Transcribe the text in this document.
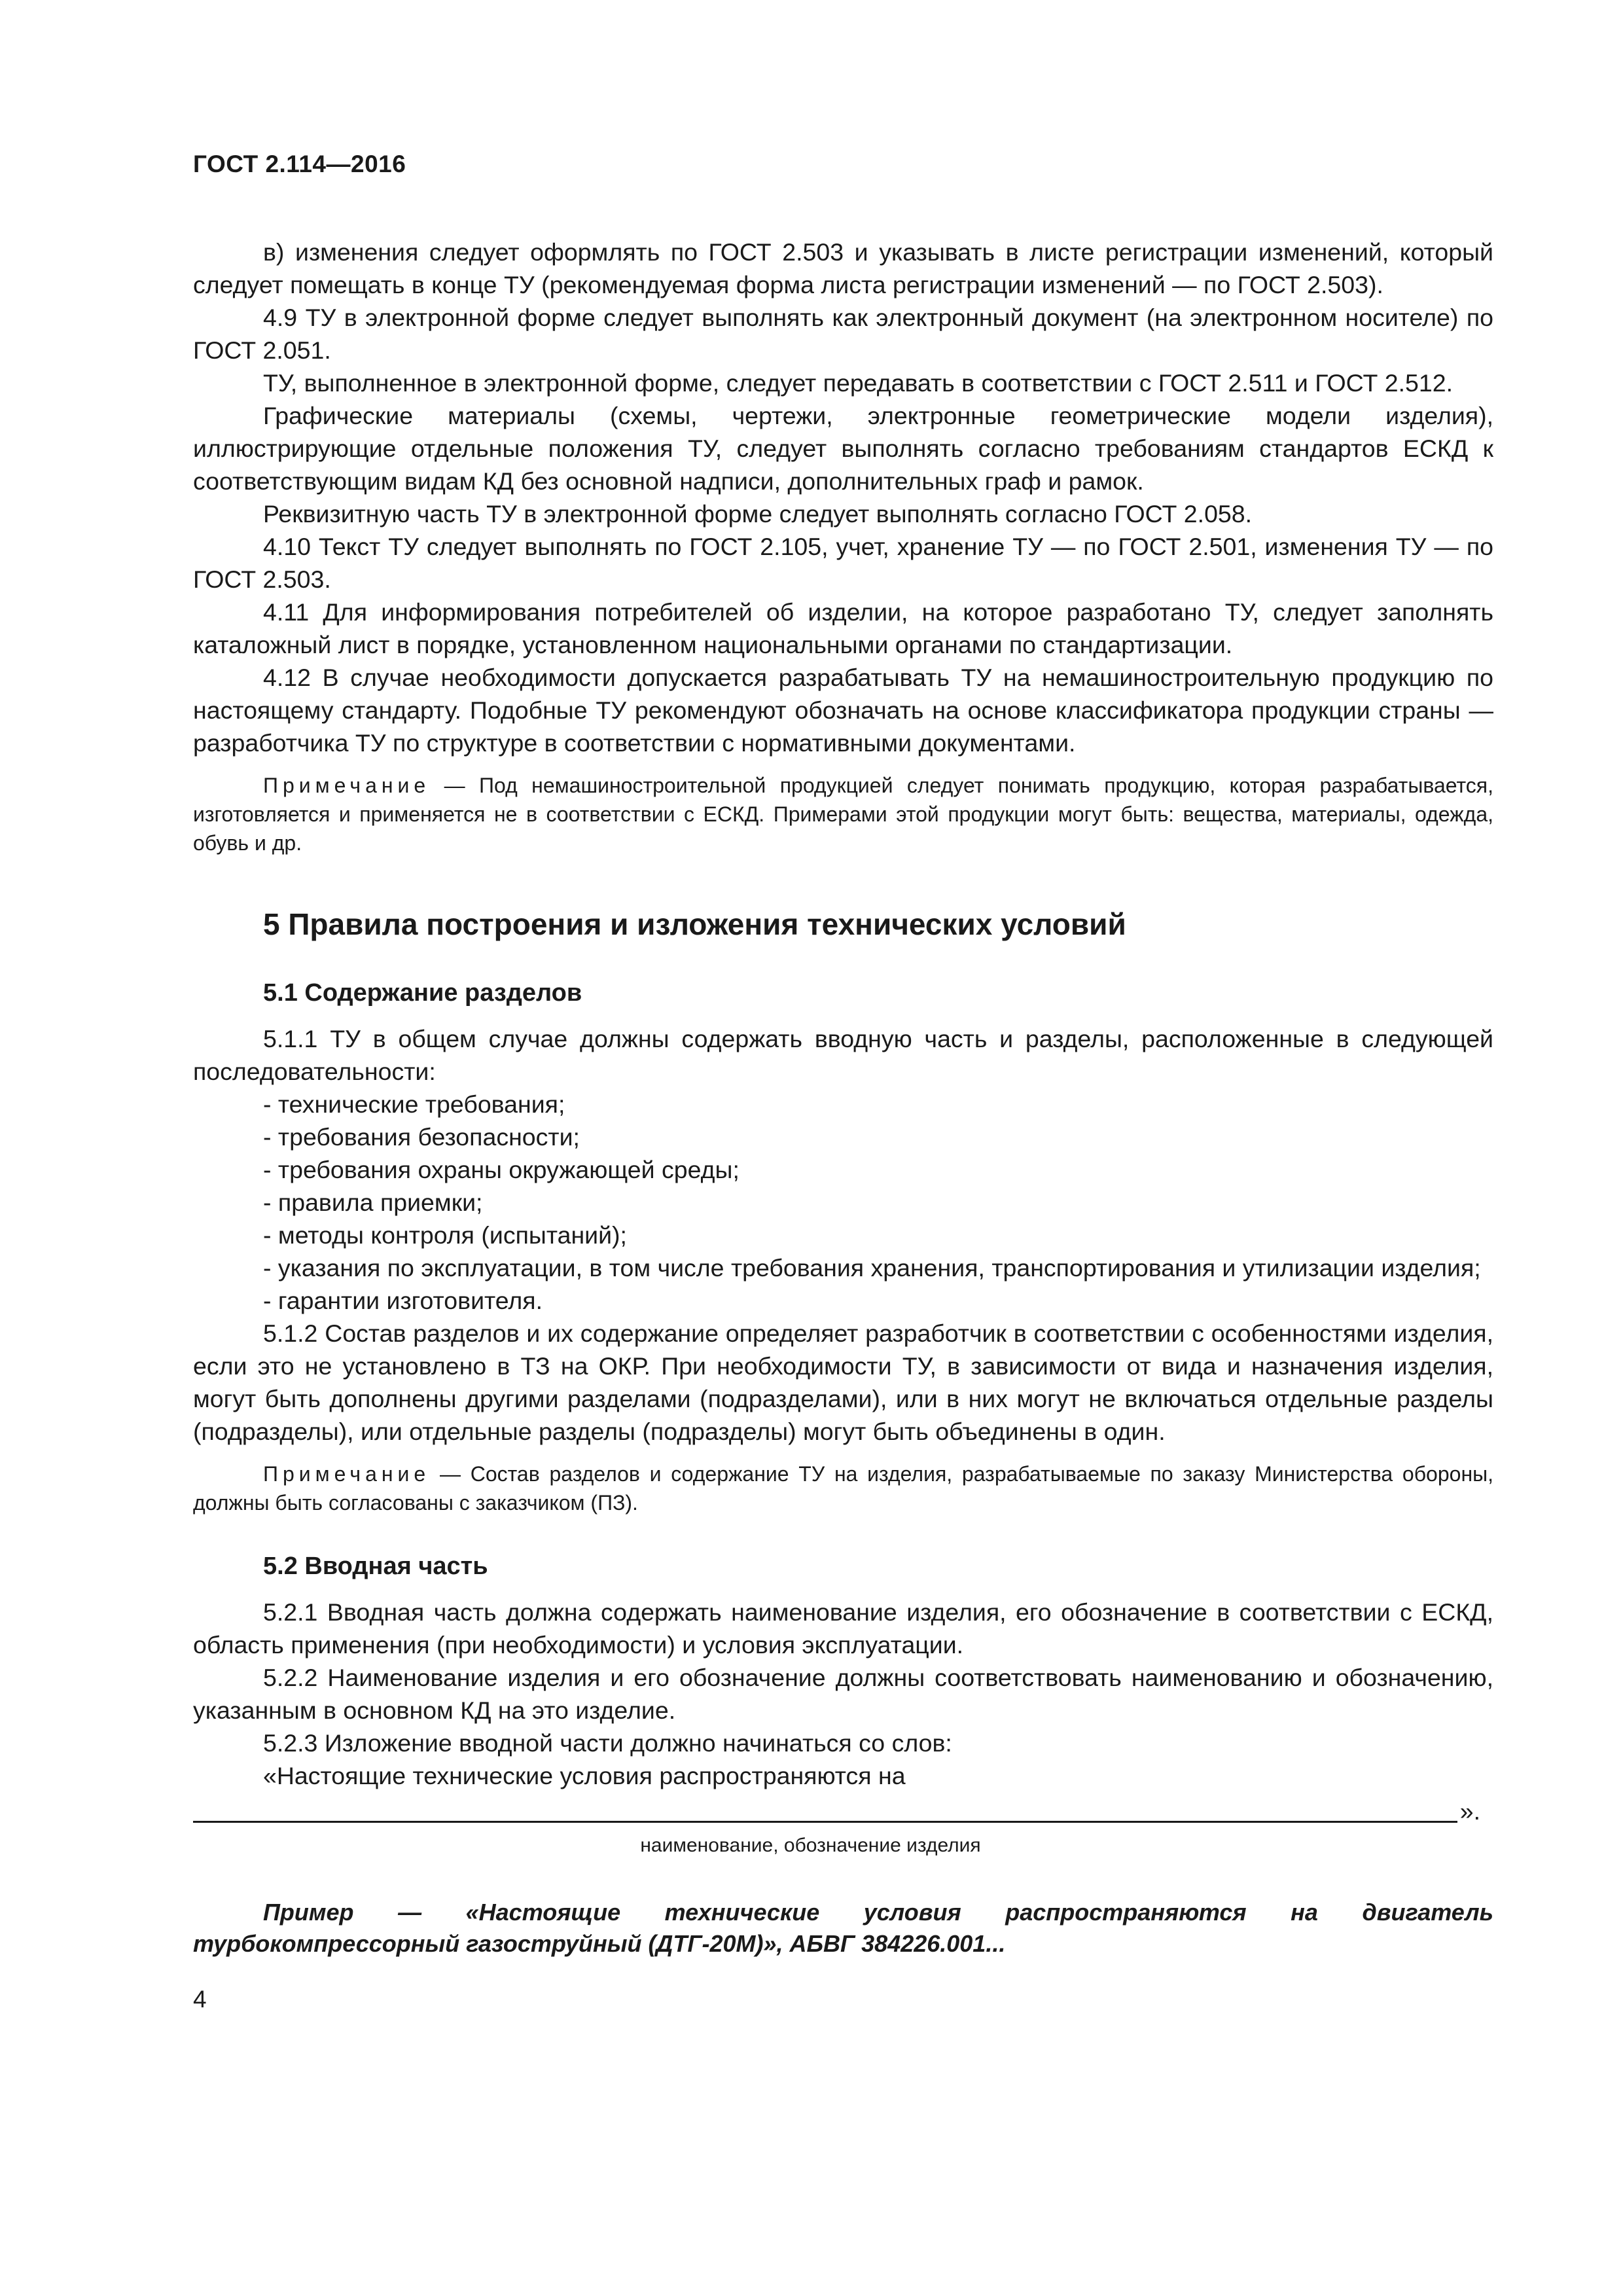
ГОСТ 2.114—2016

в) изменения следует оформлять по ГОСТ 2.503 и указывать в листе регистрации изменений, который следует помещать в конце ТУ (рекомендуемая форма листа регистрации изменений — по ГОСТ 2.503).

4.9 ТУ в электронной форме следует выполнять как электронный документ (на электронном носителе) по ГОСТ 2.051.

ТУ, выполненное в электронной форме, следует передавать в соответствии с ГОСТ 2.511 и ГОСТ 2.512.

Графические материалы (схемы, чертежи, электронные геометрические модели изделия), иллюстрирующие отдельные положения ТУ, следует выполнять согласно требованиям стандартов ЕСКД к соответствующим видам КД без основной надписи, дополнительных граф и рамок.

Реквизитную часть ТУ в электронной форме следует выполнять согласно ГОСТ 2.058.

4.10 Текст ТУ следует выполнять по ГОСТ 2.105, учет, хранение ТУ — по ГОСТ 2.501, изменения ТУ — по ГОСТ 2.503.

4.11 Для информирования потребителей об изделии, на которое разработано ТУ, следует заполнять каталожный лист в порядке, установленном национальными органами по стандартизации.

4.12 В случае необходимости допускается разрабатывать ТУ на немашиностроительную продукцию по настоящему стандарту. Подобные ТУ рекомендуют обозначать на основе классификатора продукции страны — разработчика ТУ по структуре в соответствии с нормативными документами.

Примечание — Под немашиностроительной продукцией следует понимать продукцию, которая разрабатывается, изготовляется и применяется не в соответствии с ЕСКД. Примерами этой продукции могут быть: вещества, материалы, одежда, обувь и др.
5 Правила построения и изложения технических условий
5.1 Содержание разделов

5.1.1 ТУ в общем случае должны содержать вводную часть и разделы, расположенные в следующей последовательности:

- технические требования;

- требования безопасности;

- требования охраны окружающей среды;

- правила приемки;

- методы контроля (испытаний);

- указания по эксплуатации, в том числе требования хранения, транспортирования и утилизации изделия;

- гарантии изготовителя.

5.1.2 Состав разделов и их содержание определяет разработчик в соответствии с особенностями изделия, если это не установлено в ТЗ на ОКР. При необходимости ТУ, в зависимости от вида и назначения изделия, могут быть дополнены другими разделами (подразделами), или в них могут не включаться отдельные разделы (подразделы), или отдельные разделы (подразделы) могут быть объединены в один.

Примечание — Состав разделов и содержание ТУ на изделия, разрабатываемые по заказу Министерства обороны, должны быть согласованы с заказчиком (ПЗ).
5.2 Вводная часть

5.2.1 Вводная часть должна содержать наименование изделия, его обозначение в соответствии с ЕСКД, область применения (при необходимости) и условия эксплуатации.

5.2.2 Наименование изделия и его обозначение должны соответствовать наименованию и обозначению, указанным в основном КД на это изделие.

5.2.3 Изложение вводной части должно начинаться со слов:

«Настоящие технические условия распространяются на

».
наименование, обозначение изделия

Пример — «Настоящие технические условия распространяются на двигатель турбокомпрессорный газоструйный (ДТГ-20М)», АБВГ 384226.001...

4
